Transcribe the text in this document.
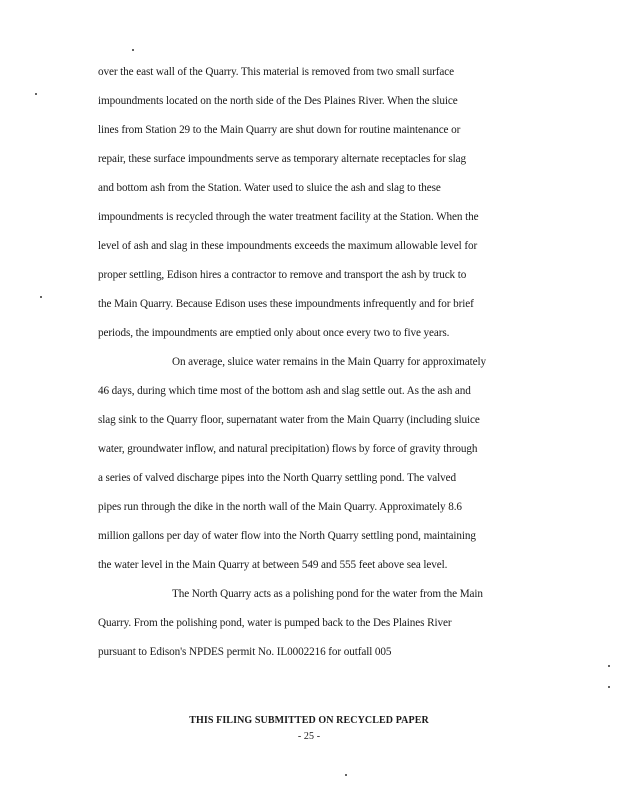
over the east wall of the Quarry. This material is removed from two small surface
impoundments located on the north side of the Des Plaines River. When the sluice
lines from Station 29 to the Main Quarry are shut down for routine maintenance or
repair, these surface impoundments serve as temporary alternate receptacles for slag
and bottom ash from the Station. Water used to sluice the ash and slag to these
impoundments is recycled through the water treatment facility at the Station. When the
level of ash and slag in these impoundments exceeds the maximum allowable level for
proper settling, Edison hires a contractor to remove and transport the ash by truck to
the Main Quarry. Because Edison uses these impoundments infrequently and for brief
periods, the impoundments are emptied only about once every two to five years.
On average, sluice water remains in the Main Quarry for approximately
46 days, during which time most of the bottom ash and slag settle out. As the ash and
slag sink to the Quarry floor, supernatant water from the Main Quarry (including sluice
water, groundwater inflow, and natural precipitation) flows by force of gravity through
a series of valved discharge pipes into the North Quarry settling pond. The valved
pipes run through the dike in the north wall of the Main Quarry. Approximately 8.6
million gallons per day of water flow into the North Quarry settling pond, maintaining
the water level in the Main Quarry at between 549 and 555 feet above sea level.
The North Quarry acts as a polishing pond for the water from the Main
Quarry. From the polishing pond, water is pumped back to the Des Plaines River
pursuant to Edison's NPDES permit No. IL0002216 for outfall 005
THIS FILING SUBMITTED ON RECYCLED PAPER
- 25 -
